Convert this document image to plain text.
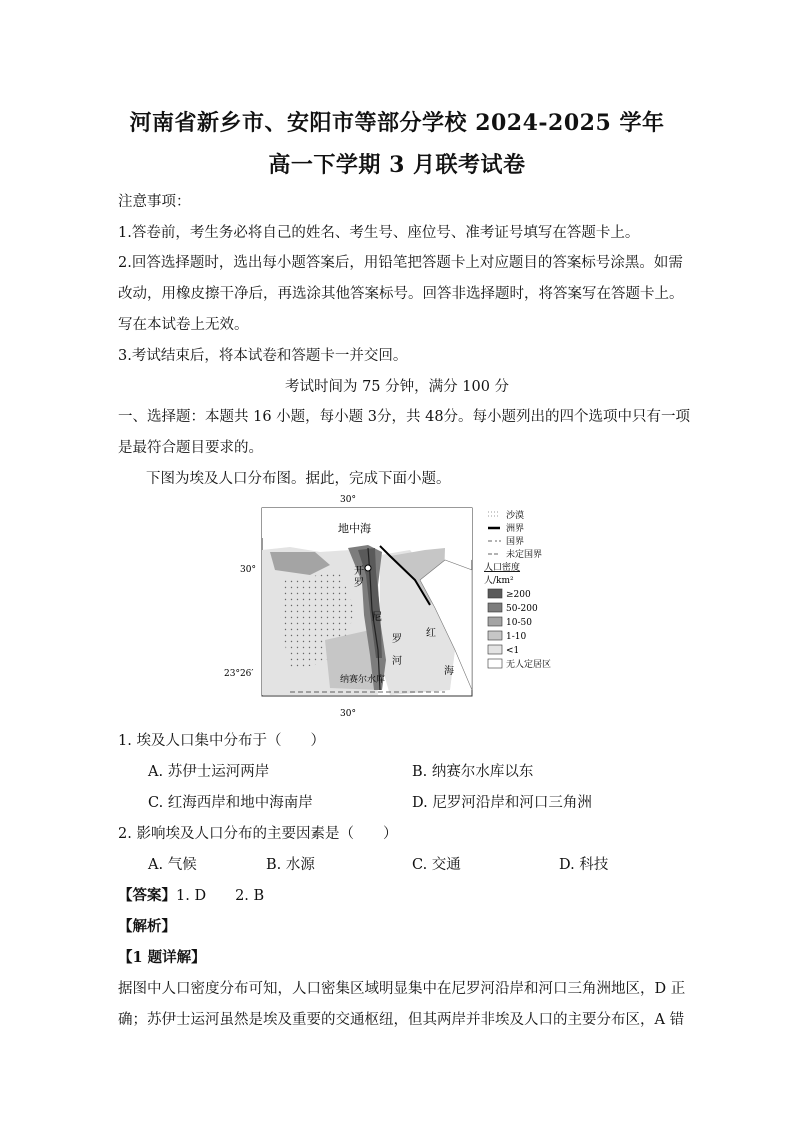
河南省新乡市、安阳市等部分学校 2024-2025 学年
高一下学期 3 月联考试卷
注意事项：
1.答卷前，考生务必将自己的姓名、考生号、座位号、准考证号填写在答题卡上。
2.回答选择题时，选出每小题答案后，用铅笔把答题卡上对应题目的答案标号涂黑。如需
改动，用橡皮擦干净后，再选涂其他答案标号。回答非选择题时，将答案写在答题卡上。
写在本试卷上无效。
3.考试结束后，将本试卷和答题卡一并交回。
考试时间为 75 分钟，满分 100 分
一、选择题：本题共 16 小题，每小题 3分，共 48分。每小题列出的四个选项中只有一项
是最符合题目要求的。
下图为埃及人口分布图。据此，完成下面小题。
30°
30°
30°
23°26′
地中海
开
罗
尼
罗
河
红
海
纳赛尔水库
沙漠
洲界
国界
未定国界
人口密度
人/km²
≥200
50-200
10-50
1-10
<1
无人定居区
1. 埃及人口集中分布于（　　）
A. 苏伊士运河两岸	B. 纳赛尔水库以东
C. 红海西岸和地中海南岸	D. 尼罗河沿岸和河口三角洲
2. 影响埃及人口分布的主要因素是（　　）
A. 气候	B. 水源	C. 交通	D. 科技
【答案】1. D　　2. B
【解析】
【1 题详解】
据图中人口密度分布可知，人口密集区域明显集中在尼罗河沿岸和河口三角洲地区，D 正
确；苏伊士运河虽然是埃及重要的交通枢纽，但其两岸并非埃及人口的主要分布区，A 错
